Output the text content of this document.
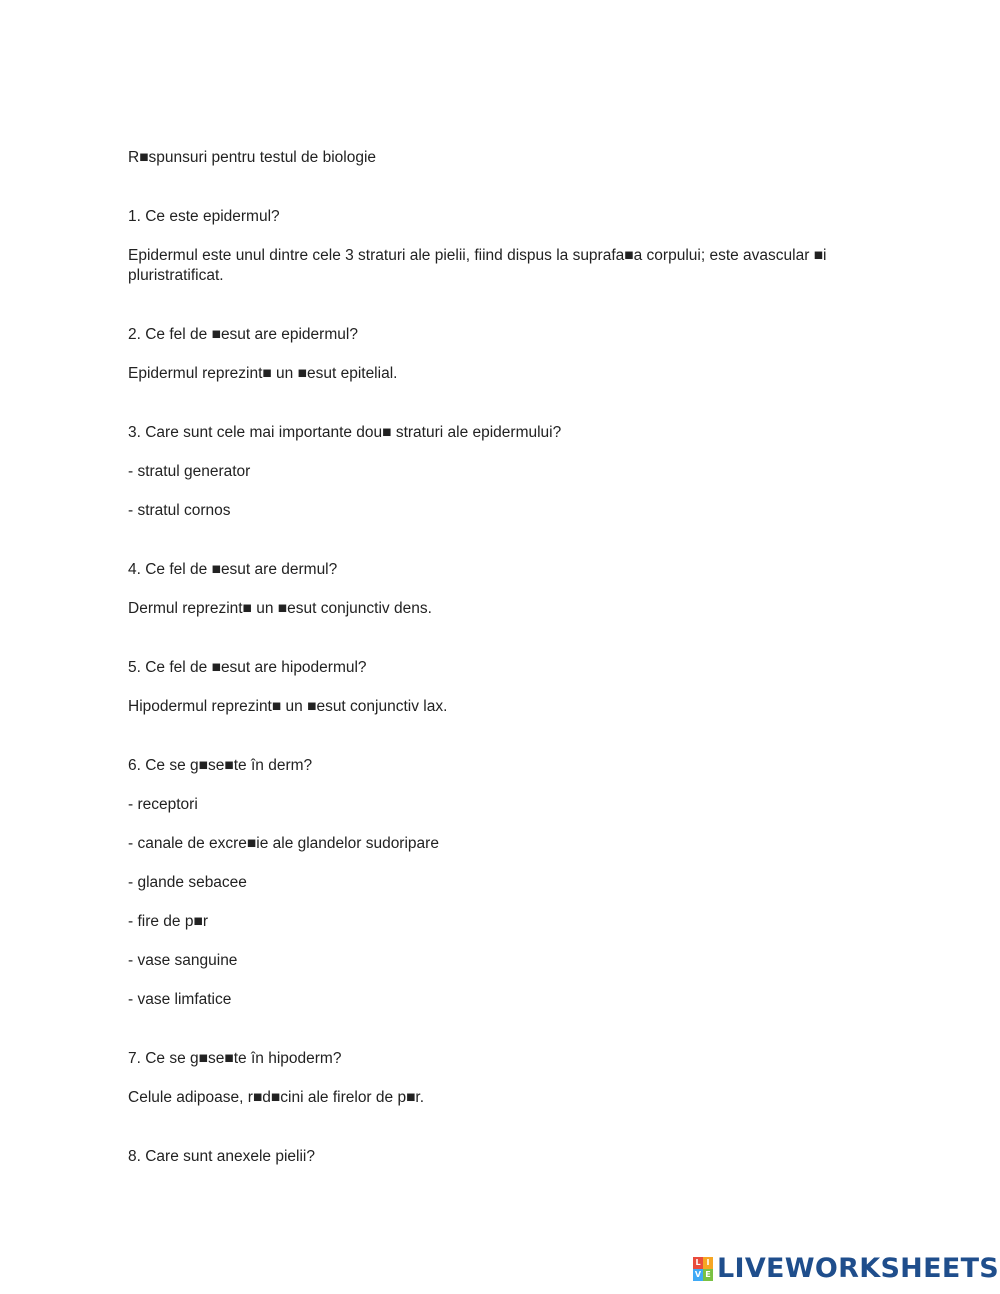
R■spunsuri pentru testul de biologie
1. Ce este epidermul?
Epidermul este unul dintre cele 3 straturi ale pielii, fiind dispus la suprafa■a corpului; este avascular ■i pluristratificat.
2. Ce fel de ■esut are epidermul?
Epidermul reprezint■ un ■esut epitelial.
3. Care sunt cele mai importante dou■ straturi ale epidermului?
- stratul generator
- stratul cornos
4. Ce fel de ■esut are dermul?
Dermul reprezint■ un ■esut conjunctiv dens.
5. Ce fel de ■esut are hipodermul?
Hipodermul reprezint■ un ■esut conjunctiv lax.
6. Ce se g■se■te în derm?
- receptori
- canale de excre■ie ale glandelor sudoripare
- glande sebacee
- fire de p■r
- vase sanguine
- vase limfatice
7. Ce se g■se■te în hipoderm?
Celule adipoase, r■d■cini ale firelor de p■r.
8. Care sunt anexele pielii?
L I
V E LIVEWORKSHEETS
